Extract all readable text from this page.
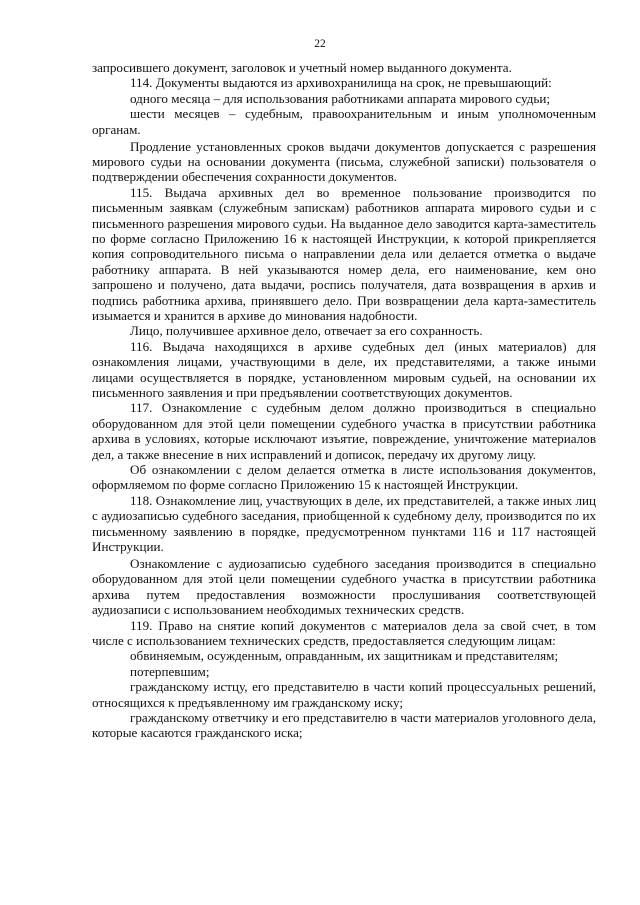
22

запросившего документ, заголовок и учетный номер выданного документа.

114. Документы выдаются из архивохранилища на срок, не превышающий:

одного месяца – для использования работниками аппарата мирового судьи;

шести месяцев – судебным, правоохранительным и иным уполномоченным органам.

Продление установленных сроков выдачи документов допускается с разрешения мирового судьи на основании документа (письма, служебной записки) пользователя о подтверждении обеспечения сохранности документов.

115. Выдача архивных дел во временное пользование производится по письменным заявкам (служебным запискам) работников аппарата мирового судьи и с письменного разрешения мирового судьи. На выданное дело заводится карта-заместитель по форме согласно Приложению 16 к настоящей Инструкции, к которой прикрепляется копия сопроводительного письма о направлении дела или делается отметка о выдаче работнику аппарата. В ней указываются номер дела, его наименование, кем оно запрошено и получено, дата выдачи, роспись получателя, дата возвращения в архив и подпись работника архива, принявшего дело. При возвращении дела карта-заместитель изымается и хранится в архиве до минования надобности.

Лицо, получившее архивное дело, отвечает за его сохранность.

116. Выдача находящихся в архиве судебных дел (иных материалов) для ознакомления лицами, участвующими в деле, их представителями, а также иными лицами осуществляется в порядке, установленном мировым судьей, на основании их письменного заявления и при предъявлении соответствующих документов.

117. Ознакомление с судебным делом должно производиться в специально оборудованном для этой цели помещении судебного участка в присутствии работника архива в условиях, которые исключают изъятие, повреждение, уничтожение материалов дел, а также внесение в них исправлений и дописок, передачу их другому лицу.

Об ознакомлении с делом делается отметка в листе использования документов, оформляемом по форме согласно Приложению 15 к настоящей Инструкции.

118. Ознакомление лиц, участвующих в деле, их представителей, а также иных лиц с аудиозаписью судебного заседания, приобщенной к судебному делу, производится по их письменному заявлению в порядке, предусмотренном пунктами 116 и 117 настоящей Инструкции.

Ознакомление с аудиозаписью судебного заседания производится в специально оборудованном для этой цели помещении судебного участка в присутствии работника архива путем предоставления возможности прослушивания соответствующей аудиозаписи с использованием необходимых технических средств.

119. Право на снятие копий документов с материалов дела за свой счет, в том числе с использованием технических средств, предоставляется следующим лицам:

обвиняемым, осужденным, оправданным, их защитникам и представителям;

потерпевшим;

гражданскому истцу, его представителю в части копий процессуальных решений, относящихся к предъявленному им гражданскому иску;

гражданскому ответчику и его представителю в части материалов уголовного дела, которые касаются гражданского иска;
